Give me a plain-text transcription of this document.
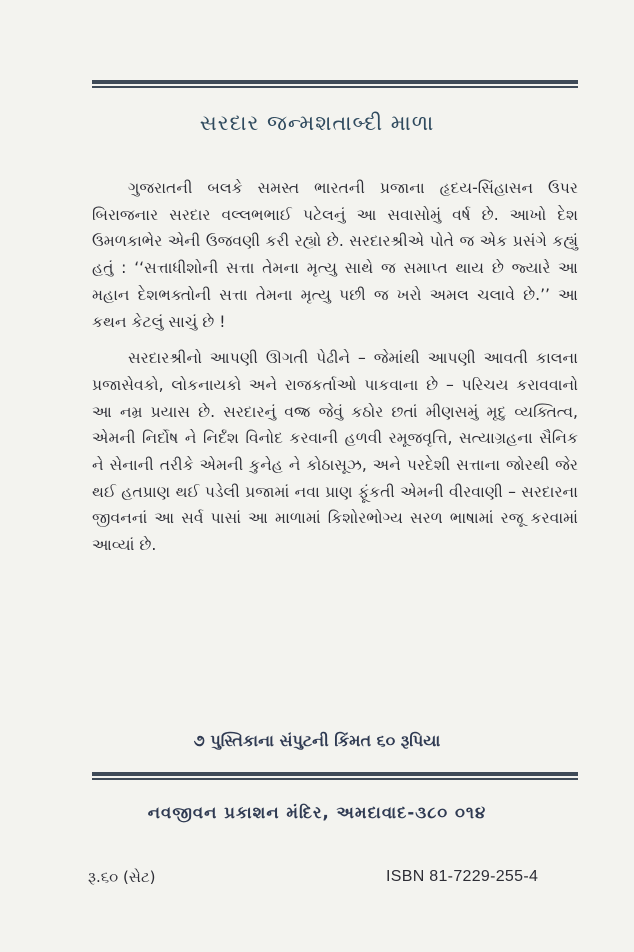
સરદાર જન્મશતાબ્દી માળા

ગુજરાતની બલકે સમસ્ત ભારતની પ્રજાના હૃદય-સિંહાસન ઉપર બિરાજનાર સરદાર વલ્લભભાઈ પટેલનું આ સવાસોમું વર્ષ છે. આખો દેશ ઉમળકાભેર એની ઉજવણી કરી રહ્યો છે. સરદારશ્રીએ પોતે જ એક પ્રસંગે કહ્યું હતું : ‘‘સત્તાધીશોની સત્તા તેમના મૃત્યુ સાથે જ સમાપ્ત થાય છે જ્યારે આ મહાન દેશભક્તોની સત્તા તેમના મૃત્યુ પછી જ ખરો અમલ ચલાવે છે.’’ આ કથન કેટલું સાચું છે !

સરદારશ્રીનો આપણી ઊગતી પેઢીને – જેમાંથી આપણી આવતી કાલના પ્રજાસેવકો, લોકનાયકો અને રાજકર્તાઓ પાકવાના છે – પરિચય કરાવવાનો આ નમ્ર પ્રયાસ છે. સરદારનું વજ્ર જેવું કઠોર છતાં મીણસમું મૃદુ વ્યક્તિત્વ, એમની નિર્દોષ ને નિર્દંશ વિનોદ કરવાની હળવી રમૂજવૃત્તિ, સત્યાગ્રહના સૈનિક ને સેનાની તરીકે એમની કુનેહ ને કોઠાસૂઝ, અને પરદેશી સત્તાના જોરથી જેર થઈ હતપ્રાણ થઈ પડેલી પ્રજામાં નવા પ્રાણ ફૂંકતી એમની વીરવાણી – સરદારના જીવનનાં આ સર્વ પાસાં આ માળામાં કિશોરભોગ્ય સરળ ભાષામાં રજૂ કરવામાં આવ્યાં છે.

૭ પુસ્તિકાના સંપુટની કિંમત ૬૦ રૂપિયા
નવજીવન પ્રકાશન મંદિર, અમદાવાદ-૩૮૦ ૦૧૪
રૂ.૬૦ (સેટ)	ISBN 81-7229-255-4
